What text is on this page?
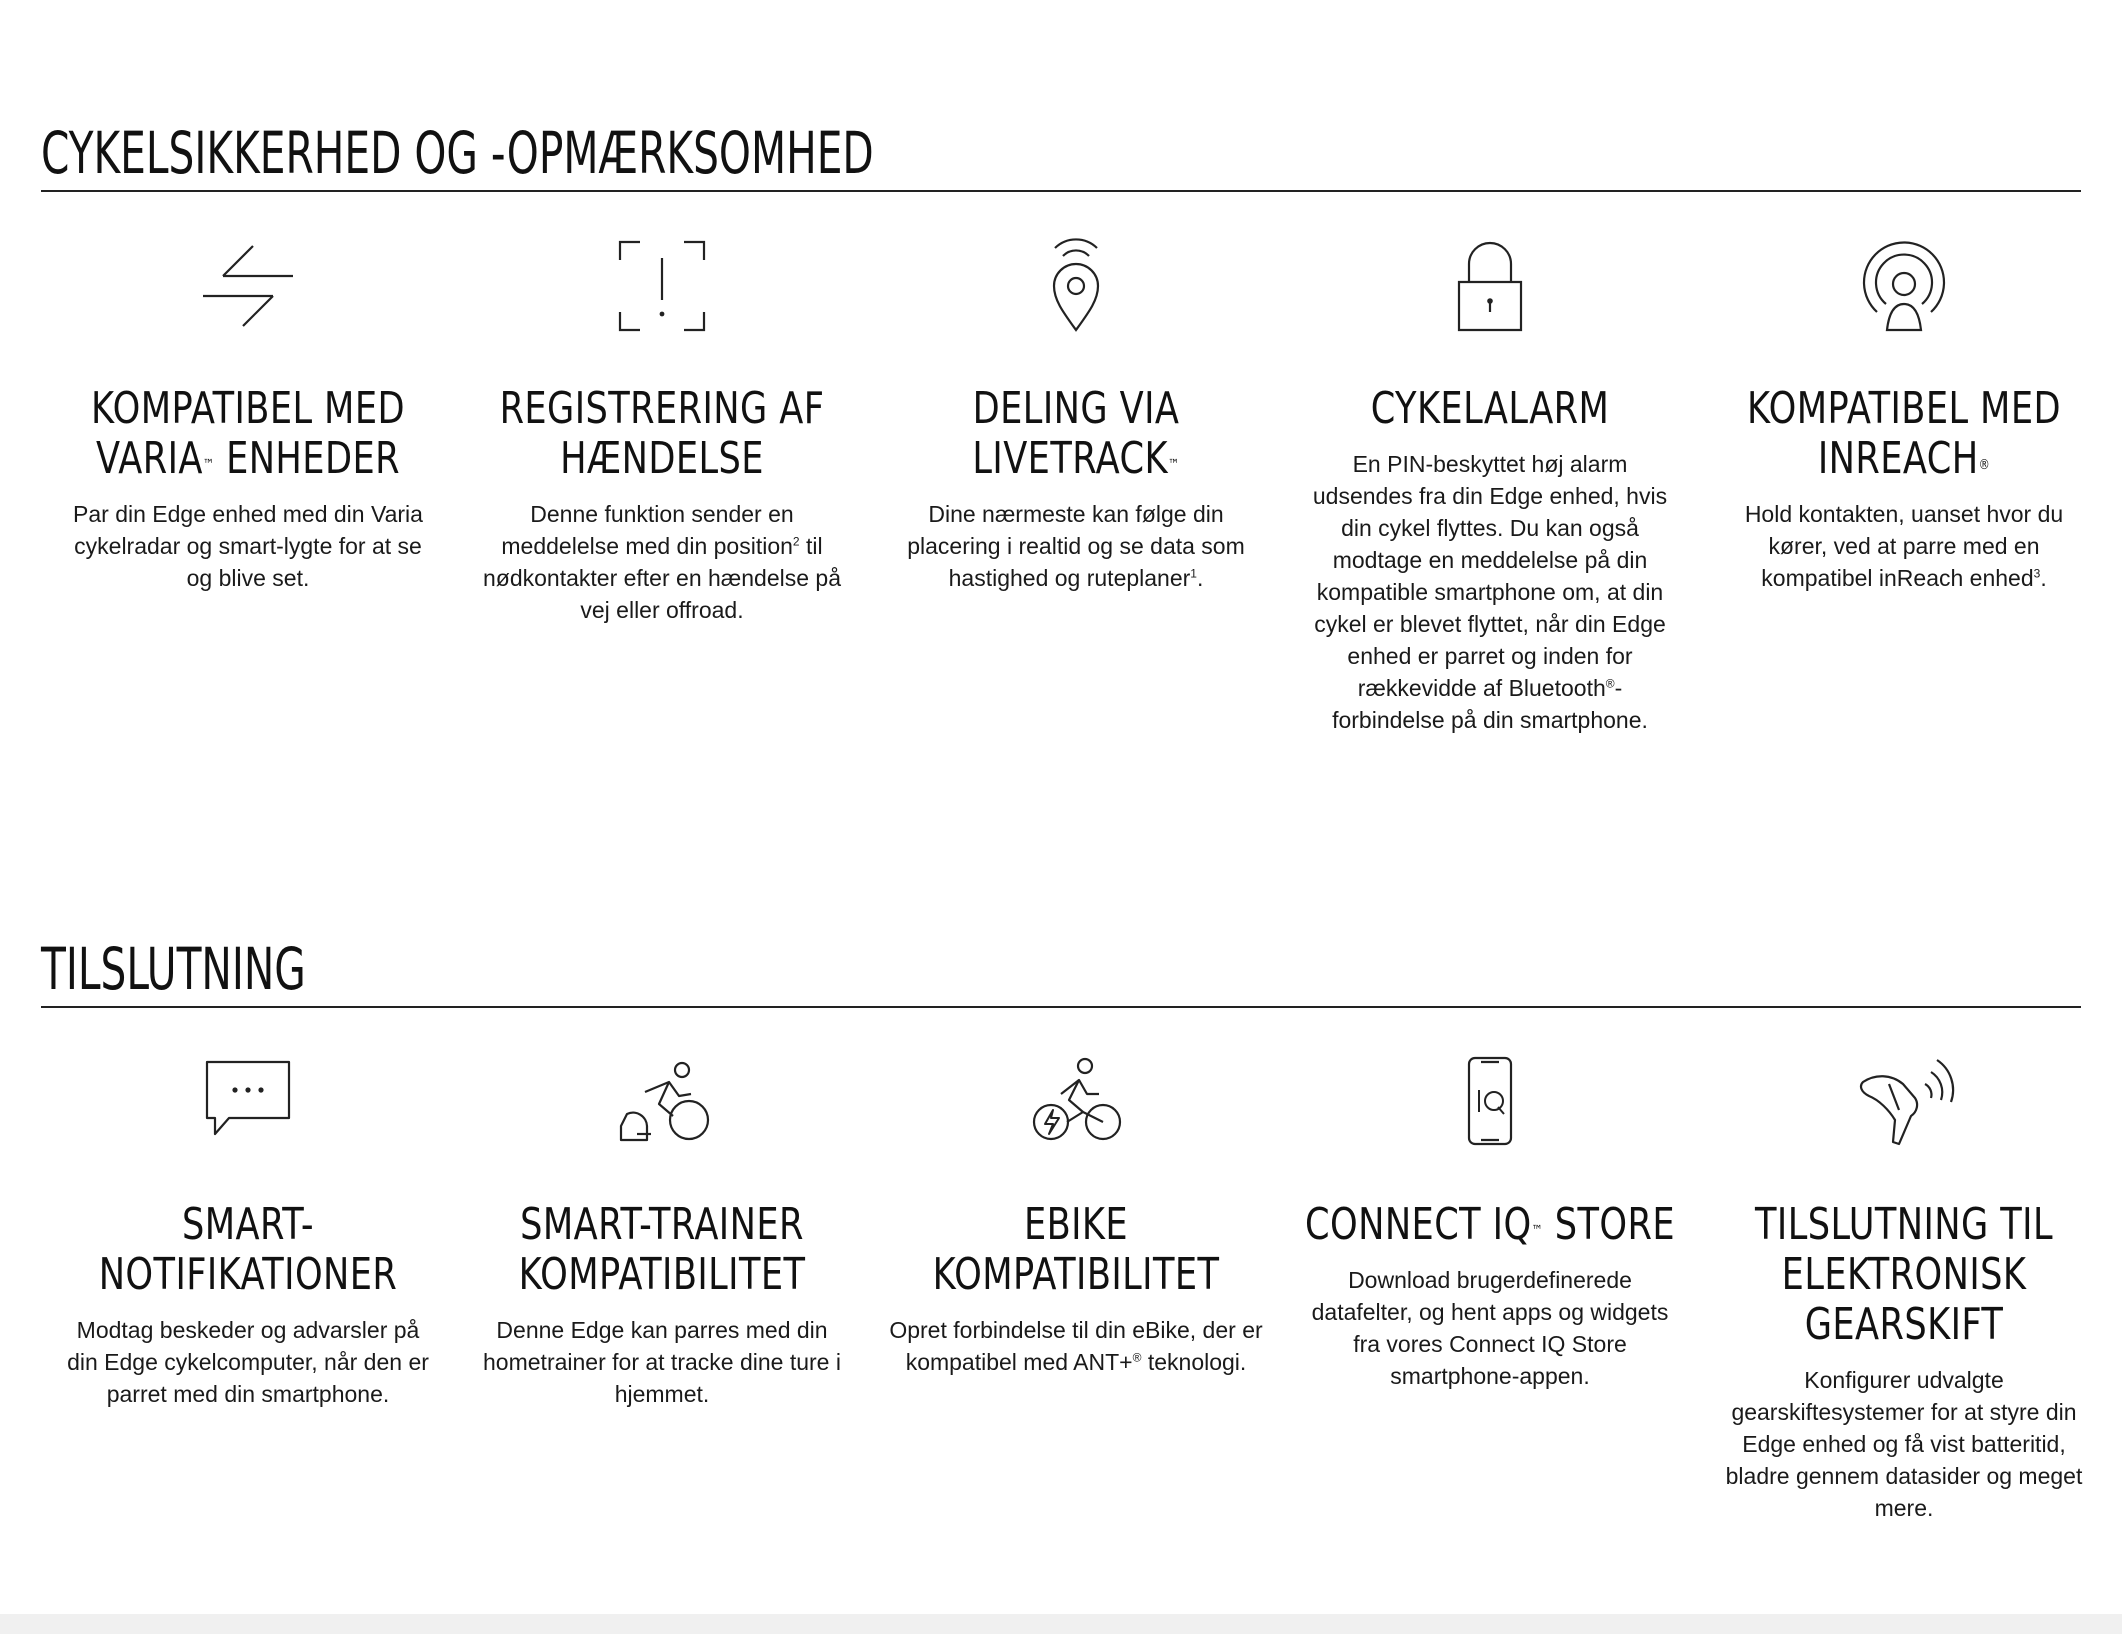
CYKELSIKKERHED OG -OPMÆRKSOMHED
KOMPATIBEL MED
VARIA™ ENHEDER
Par din Edge enhed med din Varia cykelradar og smart-lygte for at se og blive set.
REGISTRERING AF
HÆNDELSE
Denne funktion sender en meddelelse med din position$^2$ til nødkontakter efter en hændelse på vej eller offroad.
DELING VIA LIVETRACK™
Dine nærmeste kan følge din placering i realtid og se data som hastighed og ruteplaner$^1$.
CYKELALARM
En PIN-beskyttet høj alarm udsendes fra din Edge enhed, hvis din cykel flyttes. Du kan også modtage en meddelelse på din kompatible smartphone om, at din cykel er blevet flyttet, når din Edge enhed er parret og inden for rækkevidde af Bluetooth®-forbindelse på din smartphone.
KOMPATIBEL MED
INREACH®
Hold kontakten, uanset hvor du kører, ved at parre med en kompatibel inReach enhed$^3$.
TILSLUTNING
SMART-
NOTIFIKATIONER
Modtag beskeder og advarsler på din Edge cykelcomputer, når den er parret med din smartphone.
SMART-TRAINER
KOMPATIBILITET
Denne Edge kan parres med din hometrainer for at tracke dine ture i hjemmet.
EBIKE KOMPATIBILITET
Opret forbindelse til din eBike, der er kompatibel med ANT+® teknologi.
CONNECT IQ™ STORE
Download brugerdefinerede datafelter, og hent apps og widgets fra vores Connect IQ Store smartphone-appen.
TILSLUTNING TIL
ELEKTRONISK
GEARSKIFT
Konfigurer udvalgte gearskiftesystemer for at styre din Edge enhed og få vist batteritid, bladre gennem datasider og meget mere.
